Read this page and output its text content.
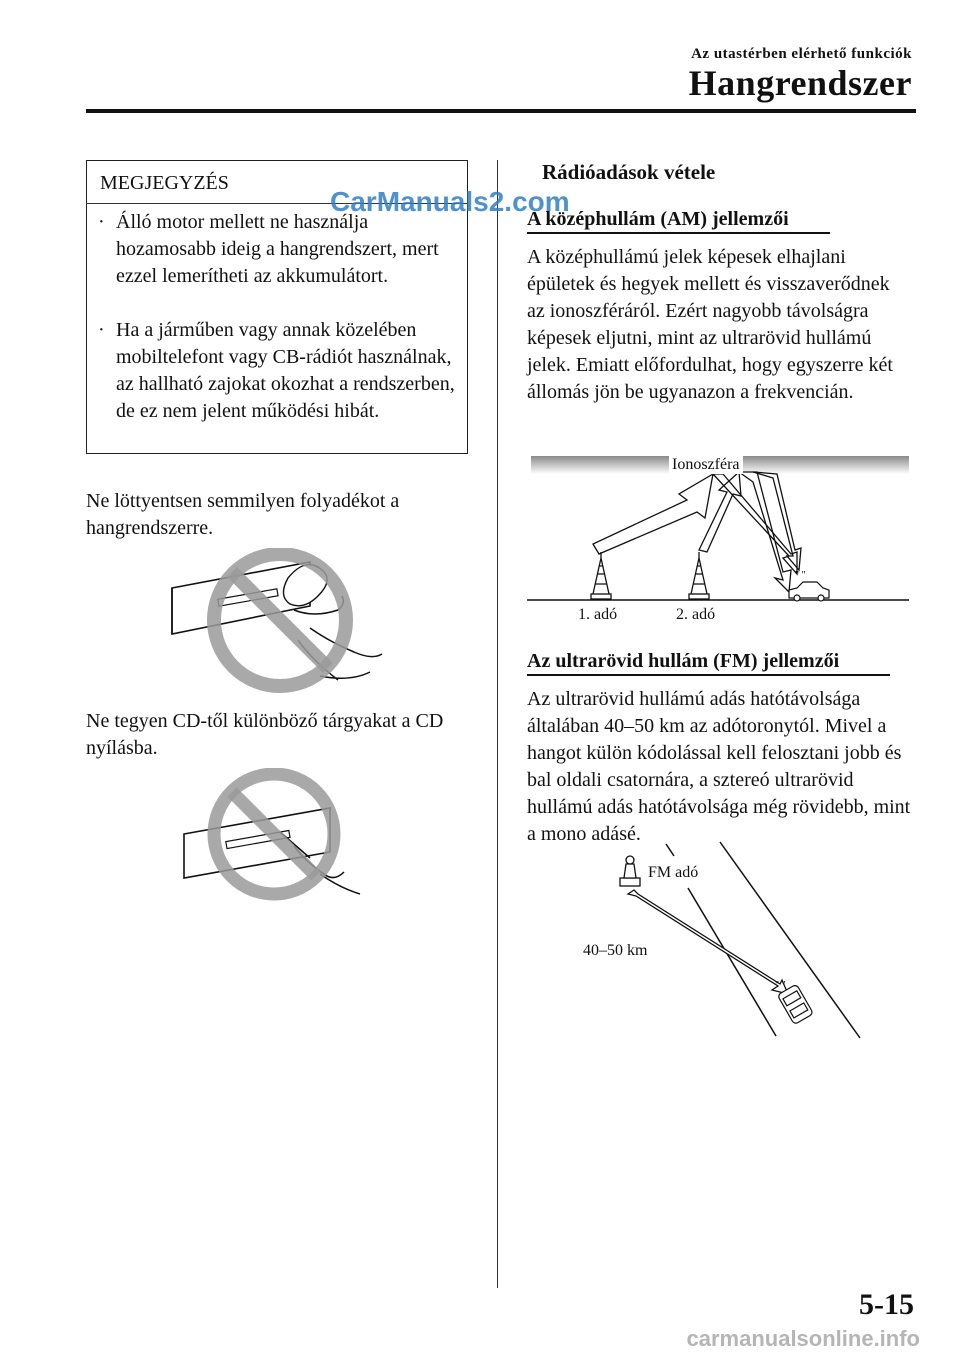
Az utastérben elérhető funkciók
Hangrendszer
MEGJEGYZÉS
· Álló motor mellett ne használja hozamosabb ideig a hangrendszert, mert ezzel lemerítheti az akkumulátort.
· Ha a járműben vagy annak közelében mobiltelefont vagy CB-rádiót használnak, az hallható zajokat okozhat a rendszerben, de ez nem jelent működési hibát.
CarManuals2.com
Ne löttyentsen semmilyen folyadékot a hangrendszerre.
Ne tegyen CD-től különböző tárgyakat a CD nyílásba.
Rádióadások vétele
A középhullám (AM) jellemzői
A középhullámú jelek képesek elhajlani épületek és hegyek mellett és visszaverődnek az ionoszféráról. Ezért nagyobb távolságra képesek eljutni, mint az ultrarövid hullámú jelek. Emiatt előfordulhat, hogy egyszerre két állomás jön be ugyanazon a frekvencián.
" "
Ionoszféra
1. adó	2. adó
Az ultrarövid hullám (FM) jellemzői
Az ultrarövid hullámú adás hatótávolsága általában 40–50 km az adótoronytól. Mivel a hangot külön kódolással kell felosztani jobb és bal oldali csatornára, a sztereó ultrarövid hullámú adás hatótávolsága még rövidebb, mint a mono adásé.
" "
FM adó
40–50 km
5-15
carmanualsonline.info
